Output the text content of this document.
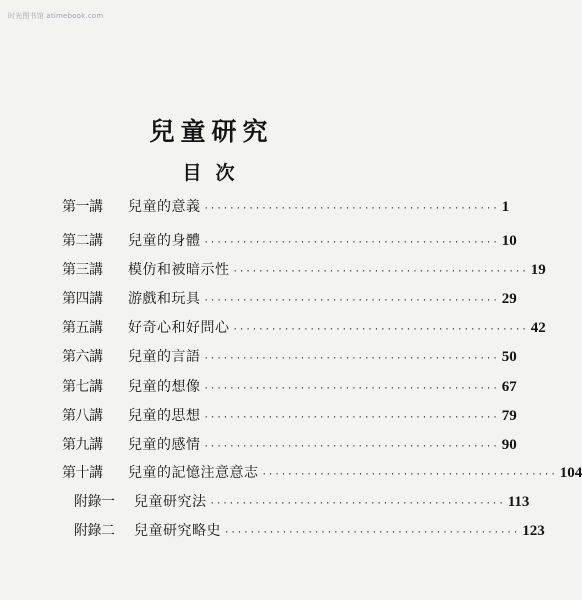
时光图书馆 atimebook.com
兒童研究
目次
第一講	兒童的意義 ·············································· 1
第二講	兒童的身體 ·············································· 10
第三講	模仿和被暗示性 ·············································· 19
第四講	游戲和玩具 ·············································· 29
第五講	好奇心和好問心 ·············································· 42
第六講	兒童的言語 ·············································· 50
第七講	兒童的想像 ·············································· 67
第八講	兒童的思想 ·············································· 79
第九講	兒童的感情 ·············································· 90
第十講	兒童的記憶注意意志 ·············································· 104
附錄一	兒童研究法 ·············································· 113
附錄二	兒童研究略史 ·············································· 123
